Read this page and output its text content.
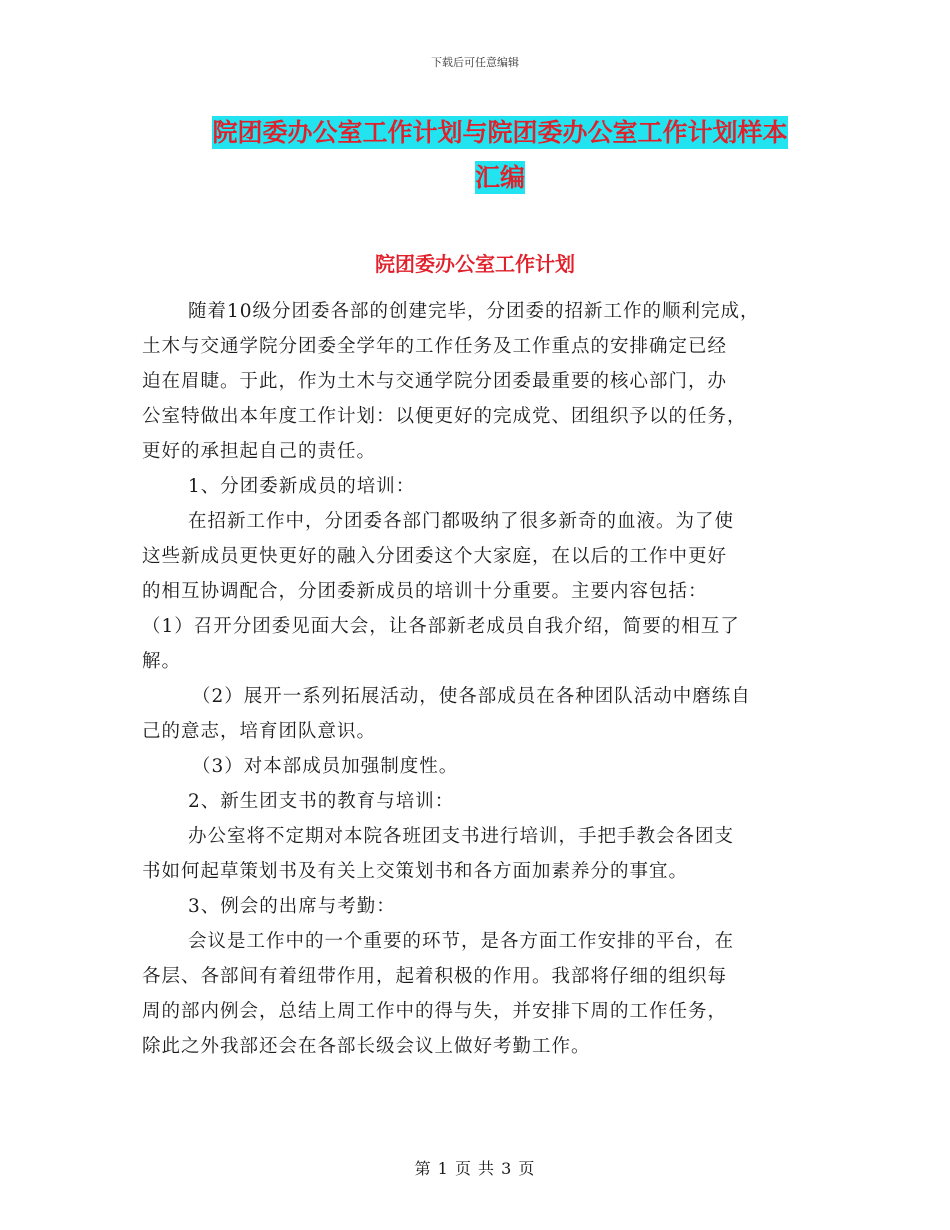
下载后可任意编辑
院团委办公室工作计划与院团委办公室工作计划样本
汇编
院团委办公室工作计划

随着10级分团委各部的创建完毕，分团委的招新工作的顺利完成，

土木与交通学院分团委全学年的工作任务及工作重点的安排确定已经

迫在眉睫。于此，作为土木与交通学院分团委最重要的核心部门，办

公室特做出本年度工作计划：以便更好的完成党、团组织予以的任务，

更好的承担起自己的责任。

1、分团委新成员的培训：

在招新工作中，分团委各部门都吸纳了很多新奇的血液。为了使

这些新成员更快更好的融入分团委这个大家庭，在以后的工作中更好

的相互协调配合，分团委新成员的培训十分重要。主要内容包括：

（1）召开分团委见面大会，让各部新老成员自我介绍，简要的相互了

解。

（2）展开一系列拓展活动，使各部成员在各种团队活动中磨练自

己的意志，培育团队意识。

（3）对本部成员加强制度性。

2、新生团支书的教育与培训：

办公室将不定期对本院各班团支书进行培训，手把手教会各团支

书如何起草策划书及有关上交策划书和各方面加素养分的事宜。

3、例会的出席与考勤：

会议是工作中的一个重要的环节，是各方面工作安排的平台，在

各层、各部间有着纽带作用，起着积极的作用。我部将仔细的组织每

周的部内例会，总结上周工作中的得与失，并安排下周的工作任务，

除此之外我部还会在各部长级会议上做好考勤工作。

第 1 页 共 3 页
